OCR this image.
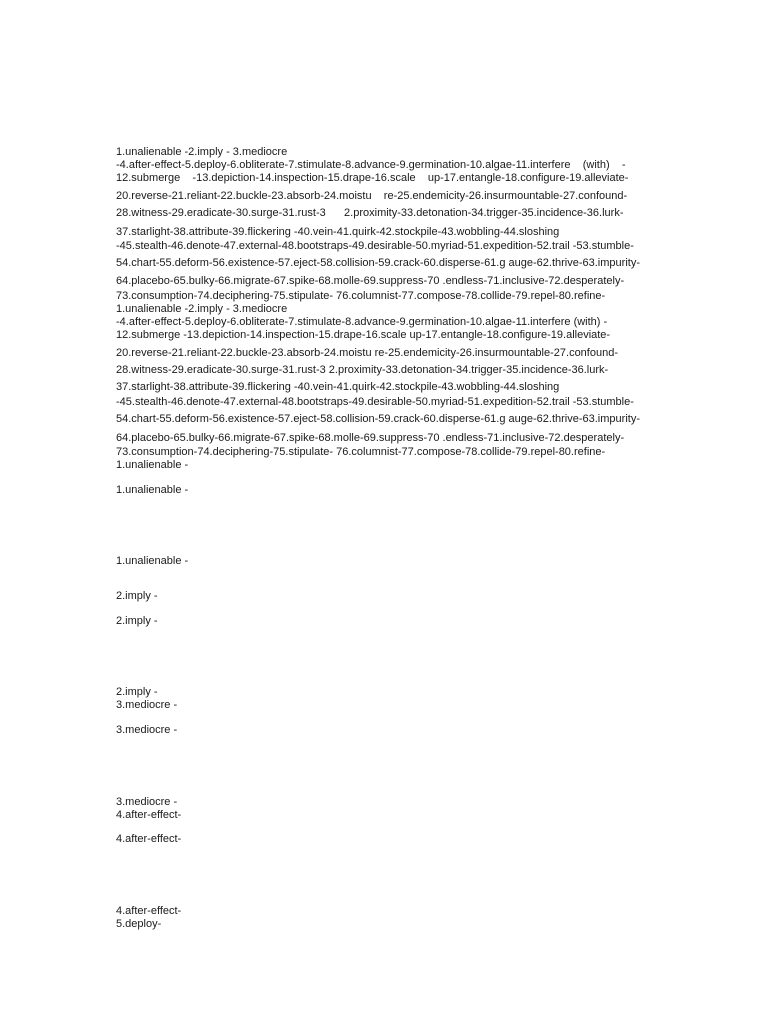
1.unalienable -2.imply - 3.mediocre

-4.after-effect-5.deploy-6.obliterate-7.stimulate-8.advance-9.germination-10.algae-11.interfere    (with)    -

12.submerge    -13.depiction-14.inspection-15.drape-16.scale    up-17.entangle-18.configure-19.alleviate-

20.reverse-21.reliant-22.buckle-23.absorb-24.moistu    re-25.endemicity-26.insurmountable-27.confound-

28.witness-29.eradicate-30.surge-31.rust-3      2.proximity-33.detonation-34.trigger-35.incidence-36.lurk-

37.starlight-38.attribute-39.flickering -40.vein-41.quirk-42.stockpile-43.wobbling-44.sloshing

-45.stealth-46.denote-47.external-48.bootstraps-49.desirable-50.myriad-51.expedition-52.trail -53.stumble-

54.chart-55.deform-56.existence-57.eject-58.collision-59.crack-60.disperse-61.g auge-62.thrive-63.impurity-

64.placebo-65.bulky-66.migrate-67.spike-68.molle-69.suppress-70 .endless-71.inclusive-72.desperately-

73.consumption-74.deciphering-75.stipulate- 76.columnist-77.compose-78.collide-79.repel-80.refine-

1.unalienable -2.imply - 3.mediocre

-4.after-effect-5.deploy-6.obliterate-7.stimulate-8.advance-9.germination-10.algae-11.interfere (with) -

12.submerge -13.depiction-14.inspection-15.drape-16.scale up-17.entangle-18.configure-19.alleviate-

20.reverse-21.reliant-22.buckle-23.absorb-24.moistu re-25.endemicity-26.insurmountable-27.confound-

28.witness-29.eradicate-30.surge-31.rust-3 2.proximity-33.detonation-34.trigger-35.incidence-36.lurk-

37.starlight-38.attribute-39.flickering -40.vein-41.quirk-42.stockpile-43.wobbling-44.sloshing

-45.stealth-46.denote-47.external-48.bootstraps-49.desirable-50.myriad-51.expedition-52.trail -53.stumble-

54.chart-55.deform-56.existence-57.eject-58.collision-59.crack-60.disperse-61.g auge-62.thrive-63.impurity-

64.placebo-65.bulky-66.migrate-67.spike-68.molle-69.suppress-70 .endless-71.inclusive-72.desperately-

73.consumption-74.deciphering-75.stipulate- 76.columnist-77.compose-78.collide-79.repel-80.refine-

1.unalienable -

1.unalienable -

1.unalienable -

2.imply -

2.imply -

2.imply -

3.mediocre -

3.mediocre -

3.mediocre -

4.after-effect-

4.after-effect-

4.after-effect-

5.deploy-
